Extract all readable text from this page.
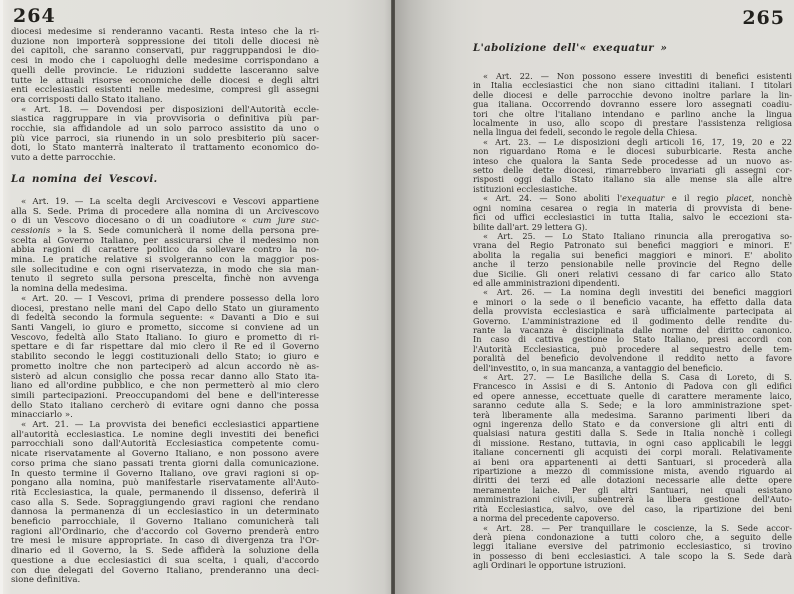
264
diocesi medesime si renderanno vacanti. Resta inteso che la ri-
duzione non importerà soppressione dei titoli delle diocesi nè
dei capitoli, che saranno conservati, pur raggruppandosi le dio-
cesi in modo che i capoluoghi delle medesime corrispondano a
quelli delle provincie. Le riduzioni suddette lasceranno salve
tutte le attuali risorse economiche delle diocesi e degli altri
enti ecclesiastici esistenti nelle medesime, compresi gli assegni
ora corrisposti dallo Stato italiano.
« Art. 18. — Dovendosi per disposizioni dell'Autorità eccle-
siastica raggruppare in via provvisoria o definitiva più par-
rocchie, sia affidandole ad un solo parroco assistito da uno o
più vice parroci, sia riunendo in un solo presbiterio più sacer-
doti, lo Stato manterrà inalterato il trattamento economico do-
vuto a dette parrocchie.
La nomina dei Vescovi.
« Art. 19. — La scelta degli Arcivescovi e Vescovi appartiene
alla S. Sede. Prima di procedere alla nomina di un Arcivescovo
o di un Vescovo diocesano o di un coadiutore « cum jure suc-
cessionis » la S. Sede comunicherà il nome della persona pre-
scelta al Governo Italiano, per assicurarsi che il medesimo non
abbia ragioni di carattere politico da sollevare contro la no-
mina. Le pratiche relative si svolgeranno con la maggior pos-
sile sollecitudine e con ogni riservatezza, in modo che sia man-
tenuto il segreto sulla persona prescelta, finchè non avvenga
la nomina della medesima.
« Art. 20. — I Vescovi, prima di prendere possesso della loro
diocesi, prestano nelle mani del Capo dello Stato un giuramento
di fedeltà secondo la formula seguente: « Davanti a Dio e sui
Santi Vangeli, io giuro e prometto, siccome si conviene ad un
Vescovo, fedeltà allo Stato Italiano. Io giuro e prometto di ri-
spettare e di far rispettare dal mio clero il Re ed il Governo
stabilito secondo le leggi costituzionali dello Stato; io giuro e
prometto inoltre che non parteciperò ad alcun accordo nè as-
sisterò ad alcun consiglio che possa recar danno allo Stato ita-
liano ed all'ordine pubblico, e che non permetterò al mio clero
simili partecipazioni. Preoccupandomi del bene e dell'interesse
dello Stato italiano cercherò di evitare ogni danno che possa
minacciarlo ».
« Art. 21. — La provvista dei benefici ecclesiastici appartiene
all'autorità ecclesiastica. Le nomine degli investiti dei benefici
parrocchiali sono dall'Autorità Ecclesiastica competente comu-
nicate riservatamente al Governo Italiano, e non possono avere
corso prima che siano passati trenta giorni dalla comunicazione.
In questo termine il Governo Italiano, ove gravi ragioni si op-
pongano alla nomina, può manifestarle riservatamente all'Auto-
rità Ecclesiastica, la quale, permanendo il dissenso, deferirà il
caso alla S. Sede. Sopraggiungendo gravi ragioni che rendano
dannosa la permanenza di un ecclesiastico in un determinato
beneficio parrocchiale, il Governo Italiano comunicherà tali
ragioni all'Ordinario, che d'accordo col Governo prenderà entro
tre mesi le misure appropriate. In caso di divergenza tra l'Or-
dinario ed il Governo, la S. Sede affiderà la soluzione della
questione a due ecclesiastici di sua scelta, i quali, d'accordo
con due delegati del Governo Italiano, prenderanno una deci-
sione definitiva.
265
L'abolizione dell'« exequatur »
« Art. 22. — Non possono essere investiti di benefici esistenti
in Italia ecclesiastici che non siano cittadini italiani. I titolari
delle diocesi e delle parrocchie devono inoltre parlare la lin-
gua italiana. Occorrendo dovranno essere loro assegnati coadiu-
tori che oltre l'italiano intendano e parlino anche la lingua
localmente in uso, allo scopo di prestare l'assistenza religiosa
nella lingua dei fedeli, secondo le regole della Chiesa.
« Art. 23. — Le disposizioni degli articoli 16, 17, 19, 20 e 22
non riguardano Roma e le diocesi suburbicarie. Resta anche
inteso che qualora la Santa Sede procedesse ad un nuovo as-
setto delle dette diocesi, rimarrebbero invariati gli assegni cor-
risposti oggi dallo Stato italiano sia alle mense sia alle altre
istituzioni ecclesiastiche.
« Art. 24. — Sono aboliti l'exequatur e il regio placet, nonchè
ogni nomina cesarea o regia in materia di provvista di bene-
fici od uffici ecclesiastici in tutta Italia, salvo le eccezioni sta-
bilite dall'art. 29 lettera G).
« Art. 25. — Lo Stato Italiano rinuncia alla prerogativa so-
vrana del Regio Patronato sui benefici maggiori e minori. E'
abolita la regalia sui benefici maggiori e minori. E' abolito
anche il terzo pensionabile nelle provincie del Regno delle
due Sicilie. Gli oneri relativi cessano di far carico allo Stato
ed alle amministrazioni dipendenti.
« Art. 26. — La nomina degli investiti dei benefici maggiori
e minori o la sede o il beneficio vacante, ha effetto dalla data
della provvista ecclesiastica e sarà ufficialmente partecipata ai
Governo. L'amministrazione ed il godimento delle rendite du-
rante la vacanza è disciplinata dalle norme del diritto canonico.
In caso di cattiva gestione lo Stato Italiano, presi accordi con
l'Autorità Ecclesiastica, può procedere al sequestro delle tem-
poralità del beneficio devolvendone il reddito netto a favore
dell'investito, o, in sua mancanza, a vantaggio del beneficio.
« Art. 27. — Le Basiliche della S. Casa di Loreto, di S.
Francesco in Assisi e di S. Antonio di Padova con gli edifici
ed opere annesse, eccettuate quelle di carattere meramente laico,
saranno cedute alla S. Sede; e la loro amministrazione spet-
terà liberamente alla medesima. Saranno parimenti liberi da
ogni ingerenza dello Stato e da conversione gli altri enti di
qualsiasi natura gestiti dalla S. Sede in Italia nonchè i collegi
di missione. Restano, tuttavia, in ogni caso applicabili le leggi
italiane concernenti gli acquisti dei corpi morali. Relativamente
ai beni ora appartenenti ai detti Santuari, si procederà alla
ripartizione a mezzo di commissione mista, avendo riguardo ai
diritti dei terzi ed alle dotazioni necessarie alle dette opere
meramente laiche. Per gli altri Santuari, nei quali esistano
amministrazioni civili, subentrerà la libera gestione dell'Auto-
rità Ecclesiastica, salvo, ove del caso, la ripartizione dei beni
a norma del precedente capoverso.
« Art. 28. — Per tranquillare le coscienze, la S. Sede accor-
derà piena condonazione a tutti coloro che, a seguito delle
leggi italiane eversive del patrimonio ecclesiastico, si trovino
in possesso di beni ecclesiastici. A tale scopo la S. Sede darà
agli Ordinari le opportune istruzioni.
